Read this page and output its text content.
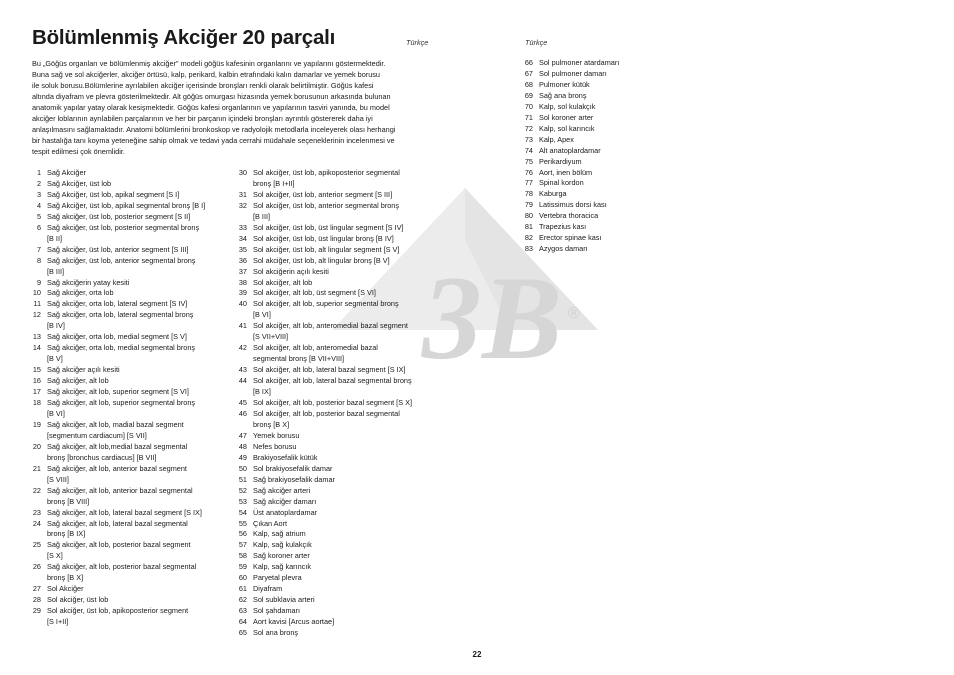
Bölümlenmiş Akciğer 20 parçalı	Türkçe	Türkçe
3B ®
Bu „Göğüs organları ve bölümlenmiş akciğer" modeli göğüs kafesinin organlarını ve yapılarını göstermektedir.
Buna sağ ve sol akciğerler, akciğer örtüsü, kalp, perikard, kalbin etrafındaki kalın damarlar ve yemek borusu
ile soluk borusu.Bölümlerine ayrılabilen akciğer içerisinde bronşları renkli olarak belirtilmiştir. Göğüs kafesi
altında diyafram ve plevra gösterilmektedir. Alt göğüs omurgası hizasında yemek borusunun arkasında bulunan
anatomik yapılar yatay olarak kesişmektedir. Göğüs kafesi organlarının ve yapılarının tasviri yanında, bu model
akciğer loblarının ayrılabilen parçalarının ve her bir parçanın içindeki bronşları ayrıntılı göstererek daha iyi
anlaşılmasını sağlamaktadır. Anatomi bölümlerini bronkoskop ve radyolojik metodlarla inceleyerek olası herhangi
bir hastalığa tanı koyma yeteneğine sahip olmak ve tedavi yada cerrahi müdahale seçeneklerinin incelenmesi ve
tespit edilmesi çok önemlidir.
1 Sağ Akciğer
2 Sağ Akciğer, üst lob
3 Sağ Akciğer, üst lob, apikal segment [S I]
4 Sağ Akciğer, üst lob, apikal segmental bronş [B I]
5 Sağ akciğer, üst lob, posterior segment [S II]
6 Sağ akciğer, üst lob, posterior segmental bronş
[B II]
7 Sağ akciğer, üst lob, anterior segment [S III]
8 Sağ akciğer, üst lob, anterior segmental bronş
[B III]
9 Sağ akciğerin yatay kesiti
10 Sağ akciğer, orta lob
11 Sağ akciğer, orta lob, lateral segment [S IV]
12 Sağ akciğer, orta lob, lateral segmental bronş
[B IV]
13 Sağ akciğer, orta lob, medial segment [S V]
14 Sağ akciğer, orta lob, medial segmental bronş
[B V]
15 Sağ akciğer açılı kesiti
16 Sağ akciğer, alt lob
17 Sağ akciğer, alt lob, superior segment [S VI]
18 Sağ akciğer, alt lob, superior segmental bronş
[B VI]
19 Sağ akciğer, alt lob, madial bazal segment
[segmentum cardiacum] [S VII]
20 Sağ akciğer, alt lob,medial bazal segmental
bronş [bronchus cardiacus] [B VII]
21 Sağ akciğer, alt lob, anterior bazal segment
[S VIII]
22 Sağ akciğer, alt lob, anterior bazal segmental
bronş [B VIII]
23 Sağ akciğer, alt lob, lateral bazal segment [S IX]
24 Sağ akciğer, alt lob, lateral bazal segmental
bronş [B IX]
25 Sağ akciğer, alt lob, posterior bazal segment
[S X]
26 Sağ akciğer, alt lob, posterior bazal segmental
bronş [B X]
27 Sol Akciğer
28 Sol akciğer, üst lob
29 Sol akciğer, üst lob, apikoposterior segment
[S I+II]
30 Sol akciğer, üst lob, apikoposterior segmental
bronş [B I+II]
31 Sol akciğer, üst lob, anterior segment [S III]
32 Sol akciğer, üst lob, anterior segmental bronş
[B III]
33 Sol akciğer, üst lob, üst lingular segment [S IV]
34 Sol akciğer, üst lob, üst lingular bronş [B IV]
35 Sol akciğer, üst lob, alt lingular segment [S V]
36 Sol akciğer, üst lob, alt lingular bronş [B V]
37 Sol akciğerin açılı kesiti
38 Sol akciğer, alt lob
39 Sol akciğer, alt lob, üst segment [S VI]
40 Sol akciğer, alt lob, superior segmental bronş
[B VI]
41 Sol akciğer, alt lob, anteromedial bazal segment
[S VII+VIII]
42 Sol akciğer, alt lob, anteromedial bazal
segmental bronş [B VII+VIII]
43 Sol akciğer, alt lob, lateral bazal segment [S IX]
44 Sol akciğer, alt lob, lateral bazal segmental bronş
[B IX]
45 Sol akciğer, alt lob, posterior bazal segment [S X]
46 Sol akciğer, alt lob, posterior bazal segmental
bronş [B X]
47 Yemek borusu
48 Nefes borusu
49 Brakiyosefalik kütük
50 Sol brakiyosefalik damar
51 Sağ brakiyosefalik damar
52 Sağ akciğer arteri
53 Sağ akciğer damarı
54 Üst anatoplardamar
55 Çıkan Aort
56 Kalp, sağ atrium
57 Kalp, sağ kulakçık
58 Sağ koroner arter
59 Kalp, sağ karıncık
60 Paryetal plevra
61 Diyafram
62 Sol subklavia arteri
63 Sol şahdamarı
64 Aort kavisi [Arcus aortae]
65 Sol ana bronş
66 Sol pulmoner atardamarı
67 Sol pulmoner damarı
68 Pulmoner kütük
69 Sağ ana bronş
70 Kalp, sol kulakçık
71 Sol koroner arter
72 Kalp, sol karıncık
73 Kalp, Apex
74 Alt anatoplardamar
75 Perikardiyum
76 Aort, inen bölüm
77 Spinal kordon
78 Kaburga
79 Latissimus dorsi kası
80 Vertebra thoracica
81 Trapezius kası
82 Erector spinae kası
83 Azygos damarı
22
